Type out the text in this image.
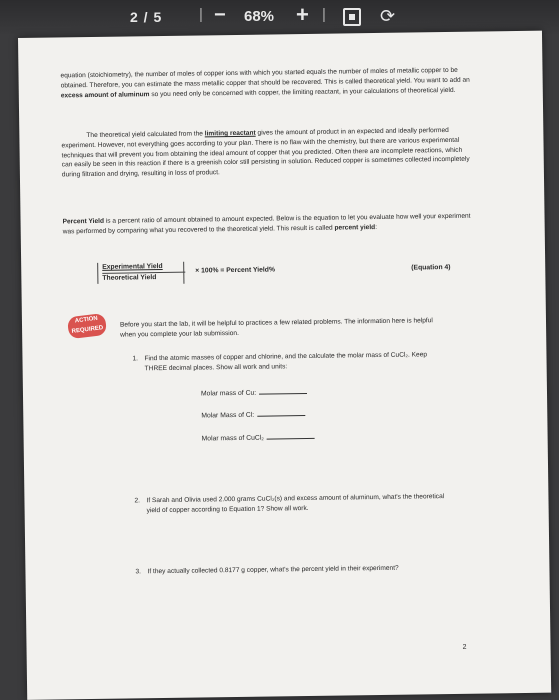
2 / 5 | − 68% + |	⟳

equation (stoichiometry), the number of moles of copper ions with which you started equals the number of moles of metallic copper to be obtained. Therefore, you can estimate the mass metallic copper that should be recovered. This is called theoretical yield. You want to add an excess amount of aluminum so you need only be concerned with copper, the limiting reactant, in your calculations of theoretical yield.

The theoretical yield calculated from the limiting reactant gives the amount of product in an expected and ideally performed experiment. However, not everything goes according to your plan. There is no flaw with the chemistry, but there are various experimental techniques that will prevent you from obtaining the ideal amount of copper that you predicted. Often there are incomplete reactions, which can easily be seen in this reaction if there is a greenish color still persisting in solution. Reduced copper is sometimes collected incompletely during filtration and drying, resulting in loss of product.

Percent Yield is a percent ratio of amount obtained to amount expected. Below is the equation to let you evaluate how well your experiment was performed by comparing what you recovered to the theoretical yield. This result is called percent yield:

Experimental Yield
Theoretical Yield
× 100% = Percent Yield%	(Equation 4)
ACTION
REQUIRED

Before you start the lab, it will be helpful to practices a few related problems. The information here is helpful when you complete your lab submission.

1. Find the atomic masses of copper and chlorine, and the calculate the molar mass of CuCl₂. Keep THREE decimal places. Show all work and units:
Molar mass of Cu:
Molar Mass of Cl:
Molar mass of CuCl₂
2. If Sarah and Olivia used 2.000 grams CuCl₂(s) and excess amount of aluminum, what's the theoretical yield of copper according to Equation 1? Show all work.
3. If they actually collected 0.8177 g copper, what's the percent yield in their experiment?
2
